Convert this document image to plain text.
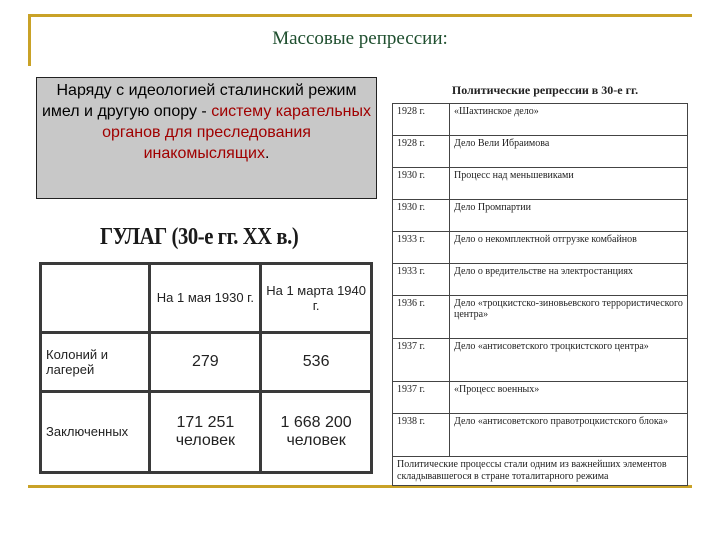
Массовые репрессии:
Наряду с идеологией сталинский режим имел и другую опору - систему карательных органов для преследования инакомыслящих.
ГУЛАГ (30-е гг. XX в.)
	На 1 мая 1930 г.	На 1 марта 1940 г.
Колоний и лагерей	279	536
Заключенных	171 251 человек	1 668 200 человек
Политические репрессии в 30-е гг.
1928 г.	«Шахтинское дело»
1928 г.	Дело Вели Ибраимова
1930 г.	Процесс над меньшевиками
1930 г.	Дело Промпартии
1933 г.	Дело о некомплектной отгрузке комбайнов
1933 г.	Дело о вредительстве на электростанциях
1936 г.	Дело «троцкистско-зиновьевского террористического центра»
1937 г.	Дело «антисоветского троцкистского центра»
1937 г.	«Процесс военных»
1938 г.	Дело «антисоветского правотроцкистского блока»
Политические процессы стали одним из важнейших элементов складывавшегося в стране тоталитарного режима	
